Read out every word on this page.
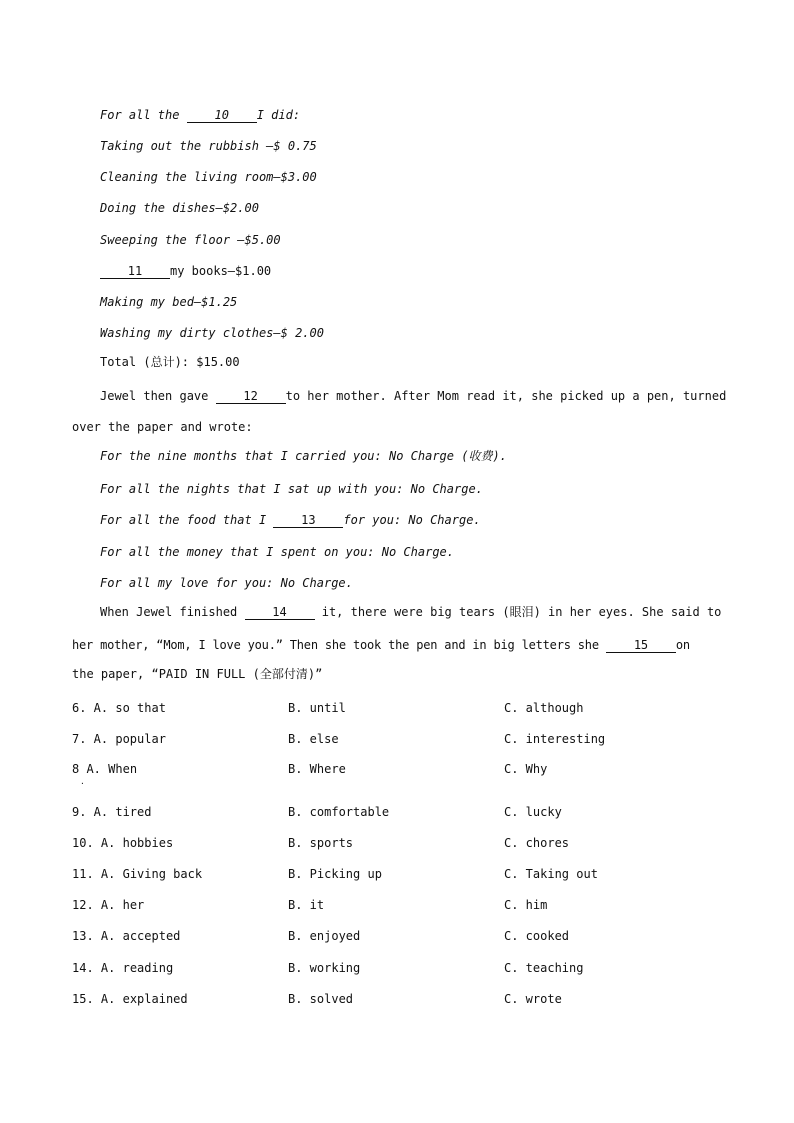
For all the 10 I did:
Taking out the rubbish —$ 0.75
Cleaning the living room—$3.00
Doing the dishes—$2.00
Sweeping the floor —$5.00
11 my books—$1.00
Making my bed—$1.25
Washing my dirty clothes—$ 2.00
Total (总计): $15.00
Jewel then gave 12 to her mother. After Mom read it, she picked up a pen, turned
over the paper and wrote:
For the nine months that I carried you: No Charge (收费).
For all the nights that I sat up with you: No Charge.
For all the food that I 13 for you: No Charge.
For all the money that I spent on you: No Charge.
For all my love for you: No Charge.
When Jewel finished 14 it, there were big tears (眼泪) in her eyes. She said to
her mother, “Mom, I love you.” Then she took the pen and in big letters she 15 on
the paper, “PAID IN FULL (全部付清)”
6. A. so that	B. until	C. although
7. A. popular	B. else	C. interesting
8 A. When	B. Where	C. Why
·
9. A. tired	B. comfortable	C. lucky
10. A. hobbies	B. sports	C. chores
11. A. Giving back	B. Picking up	C. Taking out
12. A. her	B. it	C. him
13. A. accepted	B. enjoyed	C. cooked
14. A. reading	B. working	C. teaching
15. A. explained	B. solved	C. wrote
